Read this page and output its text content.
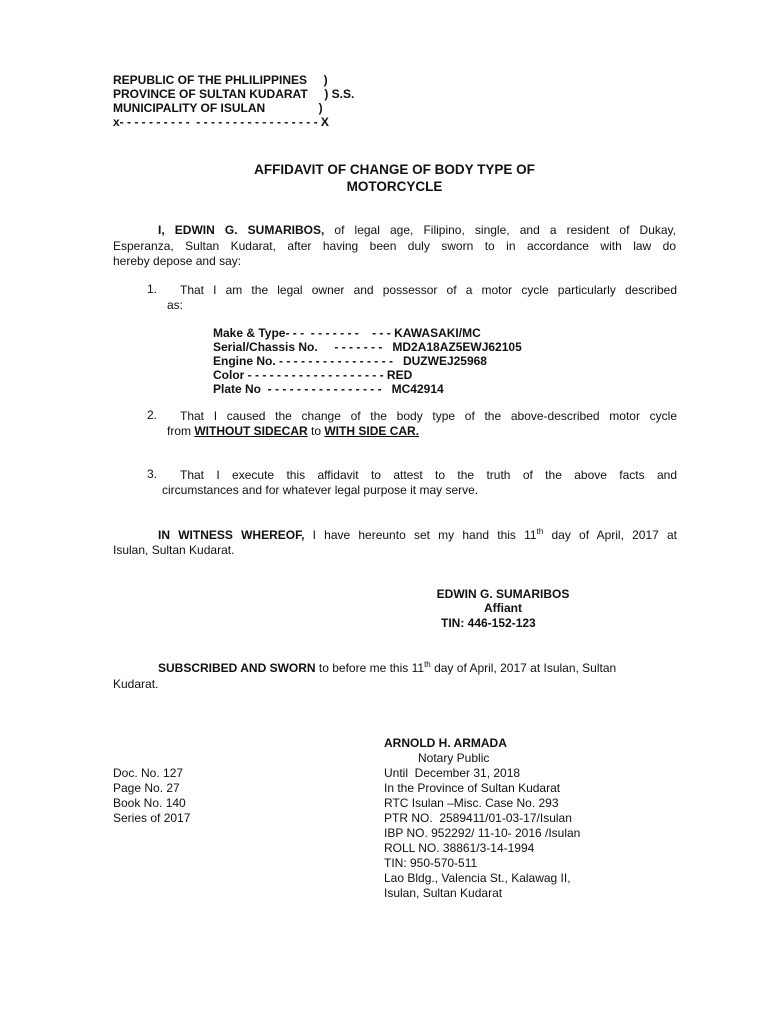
REPUBLIC OF THE PHLILIPPINES     )
PROVINCE OF SULTAN KUDARAT     ) S.S.
MUNICIPALITY OF ISULAN                )
x- - - - - - - - - -  - - - - - - - - - - - - - - - - - X
AFFIDAVIT OF CHANGE OF BODY TYPE OF
MOTORCYCLE
I, EDWIN G. SUMARIBOS, of legal age, Filipino, single, and a resident of Dukay,
Esperanza, Sultan Kudarat, after having been duly sworn to in accordance with law do
hereby depose and say:
1. That I am the legal owner and possessor of a motor cycle particularly described
as:
Make & Type- - -  - - - - - - -    - - - KAWASAKI/MC
Serial/Chassis No.     - - - - - - -   MD2A18AZ5EWJ62105
Engine No. - - - - - - - - - - - - - - - -   DUZWEJ25968
Color - - - - - - - - - - - - - - - - - - - RED
Plate No  - - - - - - - - - - - - - - - -   MC42914
2. That I caused the change of the body type of the above-described motor cycle
from WITHOUT SIDECAR to WITH SIDE CAR.
3. That I execute this affidavit to attest to the truth of the above facts and
circumstances and for whatever legal purpose it may serve.
IN WITNESS WHEREOF, I have hereunto set my hand this 11th day of April, 2017 at
Isulan, Sultan Kudarat.
EDWIN G. SUMARIBOS
Affiant
TIN: 446-152-123
SUBSCRIBED AND SWORN to before me this 11th day of April, 2017 at Isulan, Sultan
Kudarat.
ARNOLD H. ARMADA
Notary Public
Until  December 31, 2018
In the Province of Sultan Kudarat
RTC Isulan –Misc. Case No. 293
PTR NO.  2589411/01-03-17/Isulan
IBP NO. 952292/ 11-10- 2016 /Isulan
ROLL NO. 38861/3-14-1994
TIN: 950-570-511
Lao Bldg., Valencia St., Kalawag II,
Isulan, Sultan Kudarat
Doc. No. 127
Page No. 27
Book No. 140
Series of 2017
